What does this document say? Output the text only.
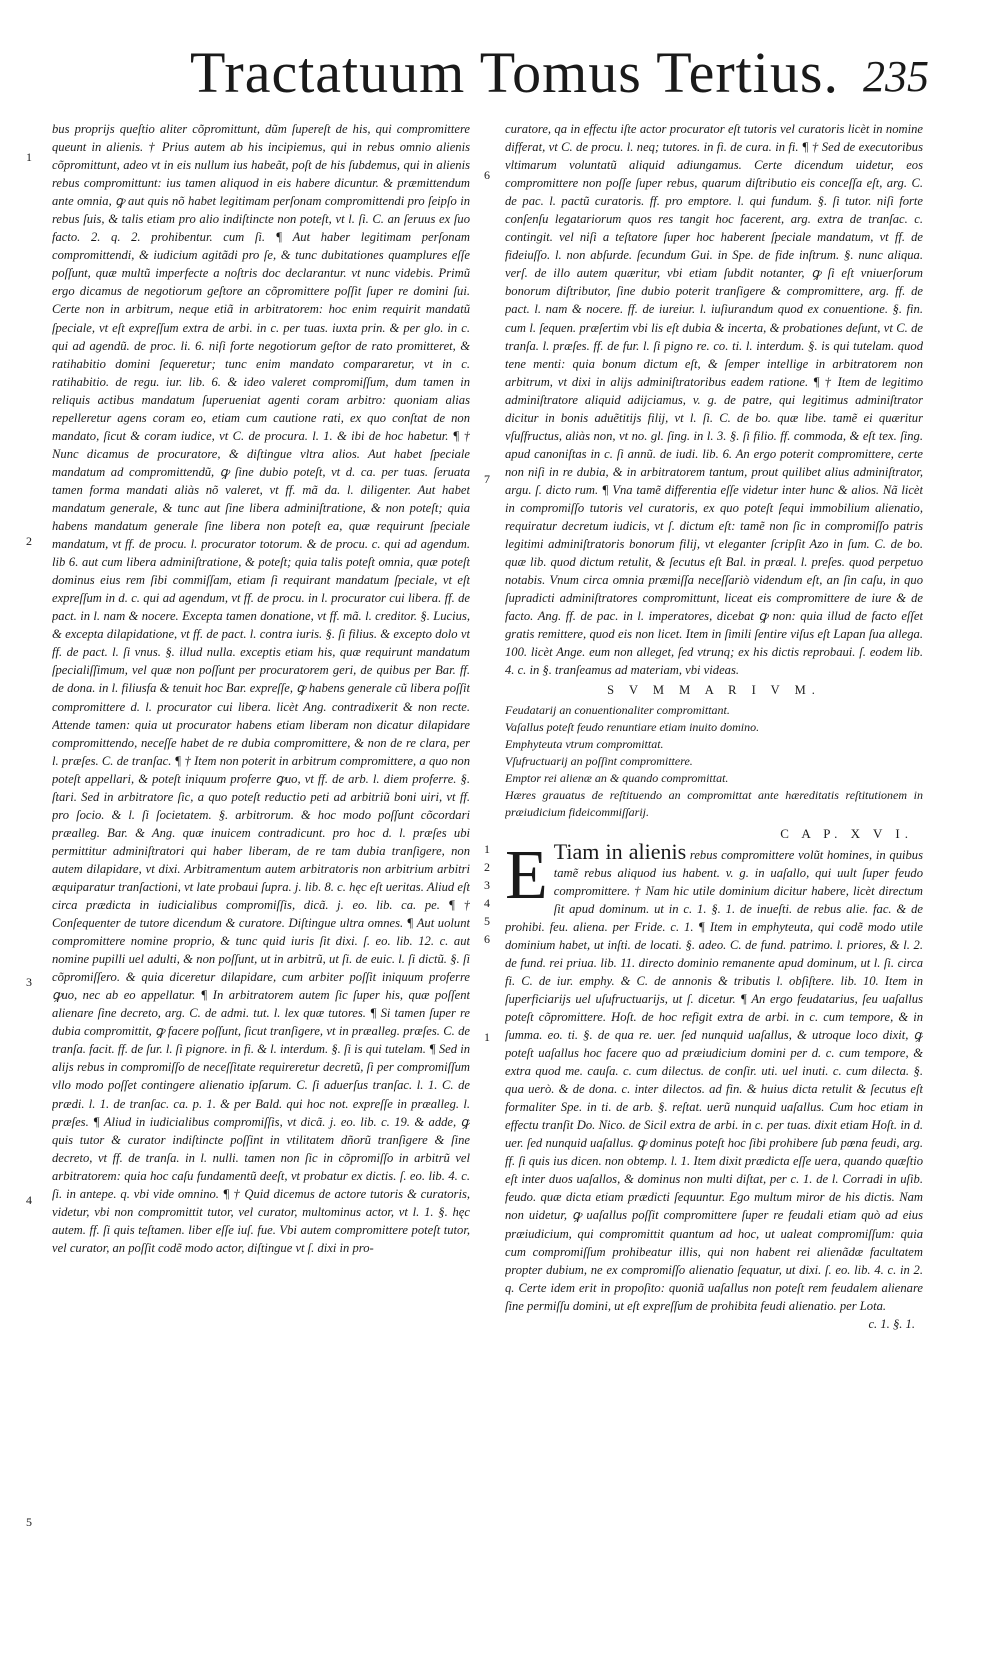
Tractatuum Tomus Tertius. 235
1
2
3
4
5
6
7
1
2
3
4
5
6
1

bus proprijs queſtio aliter cõpromittunt, dũm ſupereſt de his, qui compromittere queunt in alienis. † Prius autem ab his incipiemus, qui in rebus omnio alienis cõpromittunt, adeo vt in eis nullum ius habeãt, poſt de his ſubdemus, qui in alienis rebus compromittunt: ius tamen aliquod in eis habere dicuntur. & præmittendum ante omnia, ꝙ aut quis nõ habet legitimam perſonam compromittendi pro ſeipſo in rebus ſuis, & talis etiam pro alio indiſtincte non poteſt, vt l. ſi. C. an ſeruus ex ſuo facto. 2. q. 2. prohibentur. cum ſi. ¶ Aut haber legitimam perſonam compromittendi, & iudicium agitãdi pro ſe, & tunc dubitationes quamplures eſſe poſſunt, quæ multũ imperfecte a noſtris doc declarantur. vt nunc videbis. Primũ ergo dicamus de negotiorum geſtore an cõpromittere poſſit ſuper re domini ſui. Certe non in arbitrum, neque etiã in arbitratorem: hoc enim requirit mandatũ ſpeciale, vt eſt expreſſum extra de arbi. in c. per tuas. iuxta prin. & per glo. in c. qui ad agendũ. de proc. li. 6. niſi forte negotiorum geſtor de rato promitteret, & ratihabitio domini ſequeretur; tunc enim mandato compararetur, vt in c. ratihabitio. de regu. iur. lib. 6. & ideo valeret compromiſſum, dum tamen in reliquis actibus mandatum ſuperueniat agenti coram arbitro: quoniam alias repelleretur agens coram eo, etiam cum cautione rati, ex quo conſtat de non mandato, ſicut & coram iudice, vt C. de procura. l. 1. & ibi de hoc habetur. ¶ † Nunc dicamus de procuratore, & diſtingue vltra alios. Aut habet ſpeciale mandatum ad compromittendũ, ꝙ ſine dubio poteſt, vt d. ca. per tuas. ſeruata tamen forma mandati aliàs nõ valeret, vt ff. mã da. l. diligenter. Aut habet mandatum generale, & tunc aut ſine libera adminiſtratione, & non poteſt; quia habens mandatum generale ſine libera non poteſt ea, quæ requirunt ſpeciale mandatum, vt ff. de procu. l. procurator totorum. & de procu. c. qui ad agendum. lib 6. aut cum libera adminiſtratione, & poteſt; quia talis poteſt omnia, quæ poteſt dominus eius rem ſibi commiſſam, etiam ſi requirant mandatum ſpeciale, vt eſt expreſſum in d. c. qui ad agendum, vt ff. de procu. in l. procurator cui libera. ff. de pact. in l. nam & nocere. Excepta tamen donatione, vt ff. mã. l. creditor. §. Lucius, & excepta dilapidatione, vt ff. de pact. l. contra iuris. §. ſi filius. & excepto dolo vt ff. de pact. l. ſi vnus. §. illud nulla. exceptis etiam his, quæ requirunt mandatum ſpecialiſſimum, vel quæ non poſſunt per procuratorem geri, de quibus per Bar. ff. de dona. in l. filiusfa & tenuit hoc Bar. expreſſe, ꝙ habens generale cũ libera poſſit compromittere d. l. procurator cui libera. licèt Ang. contradixerit & non recte. Attende tamen: quia ut procurator habens etiam liberam non dicatur dilapidare compromittendo, neceſſe habet de re dubia compromittere, & non de re clara, per l. præſes. C. de tranſac. ¶ † Item non poterit in arbitrum compromittere, a quo non poteſt appellari, & poteſt iniquum proferre ꝙuo, vt ff. de arb. l. diem proferre. §. ſtari. Sed in arbitratore ſic, a quo poteſt reductio peti ad arbitriũ boni uiri, vt ff. pro ſocio. & l. ſi ſocietatem. §. arbitrorum. & hoc modo poſſunt cõcordari præalleg. Bar. & Ang. quæ inuicem contradicunt. pro hoc d. l. præſes ubi permittitur adminiſtratori qui haber liberam, de re tam dubia tranſigere, non autem dilapidare, vt dixi. Arbitramentum autem arbitratoris non arbitrium arbitri æquiparatur tranſactioni, vt late probaui ſupra. j. lib. 8. c. hęc eſt ueritas. Aliud eſt circa prædicta in iudicialibus compromiſſis, dicã. j. eo. lib. ca. pe. ¶ † Conſequenter de tutore dicendum & curatore. Diſtingue ultra omnes. ¶ Aut uolunt compromittere nomine proprio, & tunc quid iuris ſit dixi. ſ. eo. lib. 12. c. aut nomine pupilli uel adulti, & non poſſunt, ut in arbitrũ, ut ſi. de euic. l. ſi dictũ. §. ſi cõpromiſſero. & quia diceretur dilapidare, cum arbiter poſſit iniquum proferre ꝙuo, nec ab eo appellatur. ¶ In arbitratorem autem ſic ſuper his, quæ poſſent alienare ſine decreto, arg. C. de admi. tut. l. lex quæ tutores. ¶ Si tamen ſuper re dubia compromittit, ꝙ facere poſſunt, ſicut tranſigere, vt in præalleg. præſes. C. de tranſa. facit. ff. de ſur. l. ſi pignore. in fi. & l. interdum. §. ſi is qui tutelam. ¶ Sed in alijs rebus in compromiſſo de neceſſitate requireretur decretũ, ſi per compromiſſum vllo modo poſſet contingere alienatio ipſarum. C. ſi aduerſus tranſac. l. 1. C. de prædi. l. 1. de tranſac. ca. p. 1. & per Bald. qui hoc not. expreſſe in præalleg. l. præſes. ¶ Aliud in iudicialibus compromiſſis, vt dicã. j. eo. lib. c. 19. & adde, ꝙ quis tutor & curator indiſtincte poſſint in vtilitatem dñorũ tranſigere & ſine decreto, vt ff. de tranſa. in l. nulli. tamen non ſic in cõpromiſſo in arbitrũ vel arbitratorem: quia hoc caſu fundamentũ deeſt, vt probatur ex dictis. ſ. eo. lib. 4. c. ſi. in antepe. q. vbi vide omnino. ¶ † Quid dicemus de actore tutoris & curatoris, videtur, vbi non compromittit tutor, vel curator, multominus actor, vt l. 1. §. hęc autem. ff. ſi quis teſtamen. liber eſſe iuſ. fue. Vbi autem compromittere poteſt tutor, vel curator, an poſſit codẽ modo actor, diſtingue vt ſ. dixi in pro-

curatore, qa in effectu iſte actor procurator eſt tutoris vel curatoris licèt in nomine differat, vt C. de procu. l. neq; tutores. in fi. de cura. in fi. ¶ † Sed de executoribus vltimarum voluntatũ aliquid adiungamus. Certe dicendum uidetur, eos compromittere non poſſe ſuper rebus, quarum diſtributio eis conceſſa eſt, arg. C. de pac. l. pactũ curatoris. ff. pro emptore. l. qui fundum. §. ſi tutor. niſi forte conſenſu legatariorum quos res tangit hoc facerent, arg. extra de tranſac. c. contingit. vel niſi a teſtatore ſuper hoc haberent ſpeciale mandatum, vt ff. de fideiuſſo. l. non abſurde. ſecundum Gui. in Spe. de fide inſtrum. §. nunc aliqua. verſ. de illo autem quæritur, vbi etiam ſubdit notanter, ꝙ ſi eſt vniuerſorum bonorum diſtributor, ſine dubio poterit tranſigere & compromittere, arg. ff. de pact. l. nam & nocere. ff. de iureiur. l. iuſiurandum quod ex conuentione. §. fin. cum l. ſequen. præſertim vbi lis eſt dubia & incerta, & probationes deſunt, vt C. de tranſa. l. præſes. ff. de fur. l. ſi pigno re. co. ti. l. interdum. §. is qui tutelam. quod tene menti: quia bonum dictum eſt, & ſemper intellige in arbitratorem non arbitrum, vt dixi in alijs adminiſtratoribus eadem ratione. ¶ † Item de legitimo adminiſtratore aliquid adijciamus, v. g. de patre, qui legitimus adminiſtrator dicitur in bonis aduẽtitijs filij, vt l. ſi. C. de bo. quæ libe. tamẽ ei quæritur vſuſfructus, aliàs non, vt no. gl. ſing. in l. 3. §. ſi filio. ff. commoda, & eſt tex. ſing. apud canoniſtas in c. ſi annũ. de iudi. lib. 6. An ergo poterit compromittere, certe non niſi in re dubia, & in arbitratorem tantum, prout quilibet alius adminiſtrator, argu. ſ. dicto rum. ¶ Vna tamẽ differentia eſſe videtur inter hunc & alios. Nã licèt in compromiſſo tutoris vel curatoris, ex quo poteſt ſequi immobilium alienatio, requiratur decretum iudicis, vt ſ. dictum eſt: tamẽ non ſic in compromiſſo patris legitimi adminiſtratoris bonorum filij, vt eleganter ſcripſit Azo in ſum. C. de bo. quæ lib. quod dictum retulit, & ſecutus eſt Bal. in præal. l. preſes. quod perpetuo notabis. Vnum circa omnia præmiſſa neceſſariò videndum eſt, an ſin caſu, in quo ſupradicti adminiſtratores compromittunt, liceat eis compromittere de iure & de facto. Ang. ff. de pac. in l. imperatores, dicebat ꝙ non: quia illud de facto eſſet gratis remittere, quod eis non licet. Item in ſimili ſentire viſus eſt Lapan ſua allega. 100. licèt Ange. eum non alleget, ſed vtrunq; ex his dictis reprobaui. ſ. eodem lib. 4. c. in §. tranſeamus ad materiam, vbi videas.

S V M M A R I V M.
Feudatarij an conuentionaliter compromittant.
Vaſallus poteſt feudo renuntiare etiam inuito domino.
Emphyteuta vtrum compromittat.
Vſufructuarij an poſſint compromittere.
Emptor rei alienæ an & quando compromittat.
Hæres grauatus de reſtituendo an compromittat ante hæreditatis reſtitutionem in præiudicium fideicommiſſarij.
C A P. X V I.
E Tiam in alienis rebus compromittere volũt homines, in quibus tamẽ rebus aliquod ius habent. v. g. in uaſallo, qui uult ſuper feudo compromittere. † Nam hic utile dominium dicitur habere, licèt directum ſit apud dominum. ut in c. 1. §. 1. de inueſti. de rebus alie. fac. & de prohibi. feu. aliena. per Fride. c. 1. ¶ Item in emphyteuta, qui codẽ modo utile dominium habet, ut inſti. de locati. §. adeo. C. de fund. patrimo. l. priores, & l. 2. de fund. rei priua. lib. 11. directo dominio remanente apud dominum, ut l. ſi. circa fi. C. de iur. emphy. & C. de annonis & tributis l. obſiſtere. lib. 10. Item in ſuperficiarijs uel uſufructuarijs, ut ſ. dicetur. ¶ An ergo feudatarius, ſeu uaſallus poteſt cõpromittere. Hoſt. de hoc refigit extra de arbi. in c. cum tempore, & in ſumma. eo. ti. §. de qua re. uer. ſed nunquid uaſallus, & utroque loco dixit, ꝙ poteſt uaſallus hoc facere quo ad præiudicium domini per d. c. cum tempore, & extra quod me. cauſa. c. cum dilectus. de conſir. uti. uel inuti. c. cum dilecta. §. qua uerò. & de dona. c. inter dilectos. ad fin. & huius dicta retulit & ſecutus eſt formaliter Spe. in ti. de arb. §. reſtat. uerũ nunquid uaſallus. Cum hoc etiam in effectu tranſit Do. Nico. de Sicil extra de arbi. in c. per tuas. dixit etiam Hoſt. in d. uer. ſed nunquid uaſallus. ꝙ dominus poteſt hoc ſibi prohibere ſub pœna feudi, arg. ff. ſi quis ius dicen. non obtemp. l. 1. Item dixit prædicta eſſe uera, quando quæſtio eſt inter duos uaſallos, & dominus non multi diſtat, per c. 1. de l. Corradi in uſib. feudo. quæ dicta etiam prædicti ſequuntur. Ego multum miror de his dictis. Nam non uidetur, ꝙ uaſallus poſſit compromittere ſuper re feudali etiam quò ad eius præiudicium, qui compromittit quantum ad hoc, ut ualeat compromiſſum: quia cum compromiſſum prohibeatur illis, qui non habent rei alienãdæ facultatem propter dubium, ne ex compromiſſo alienatio ſequatur, ut dixi. ſ. eo. lib. 4. c. in 2. q. Certe idem erit in propoſito: quoniã uaſallus non poteſt rem feudalem alienare ſine permiſſu domini, ut eſt expreſſum de prohibita feudi alienatio. per Lota.
c. 1. §. 1.
